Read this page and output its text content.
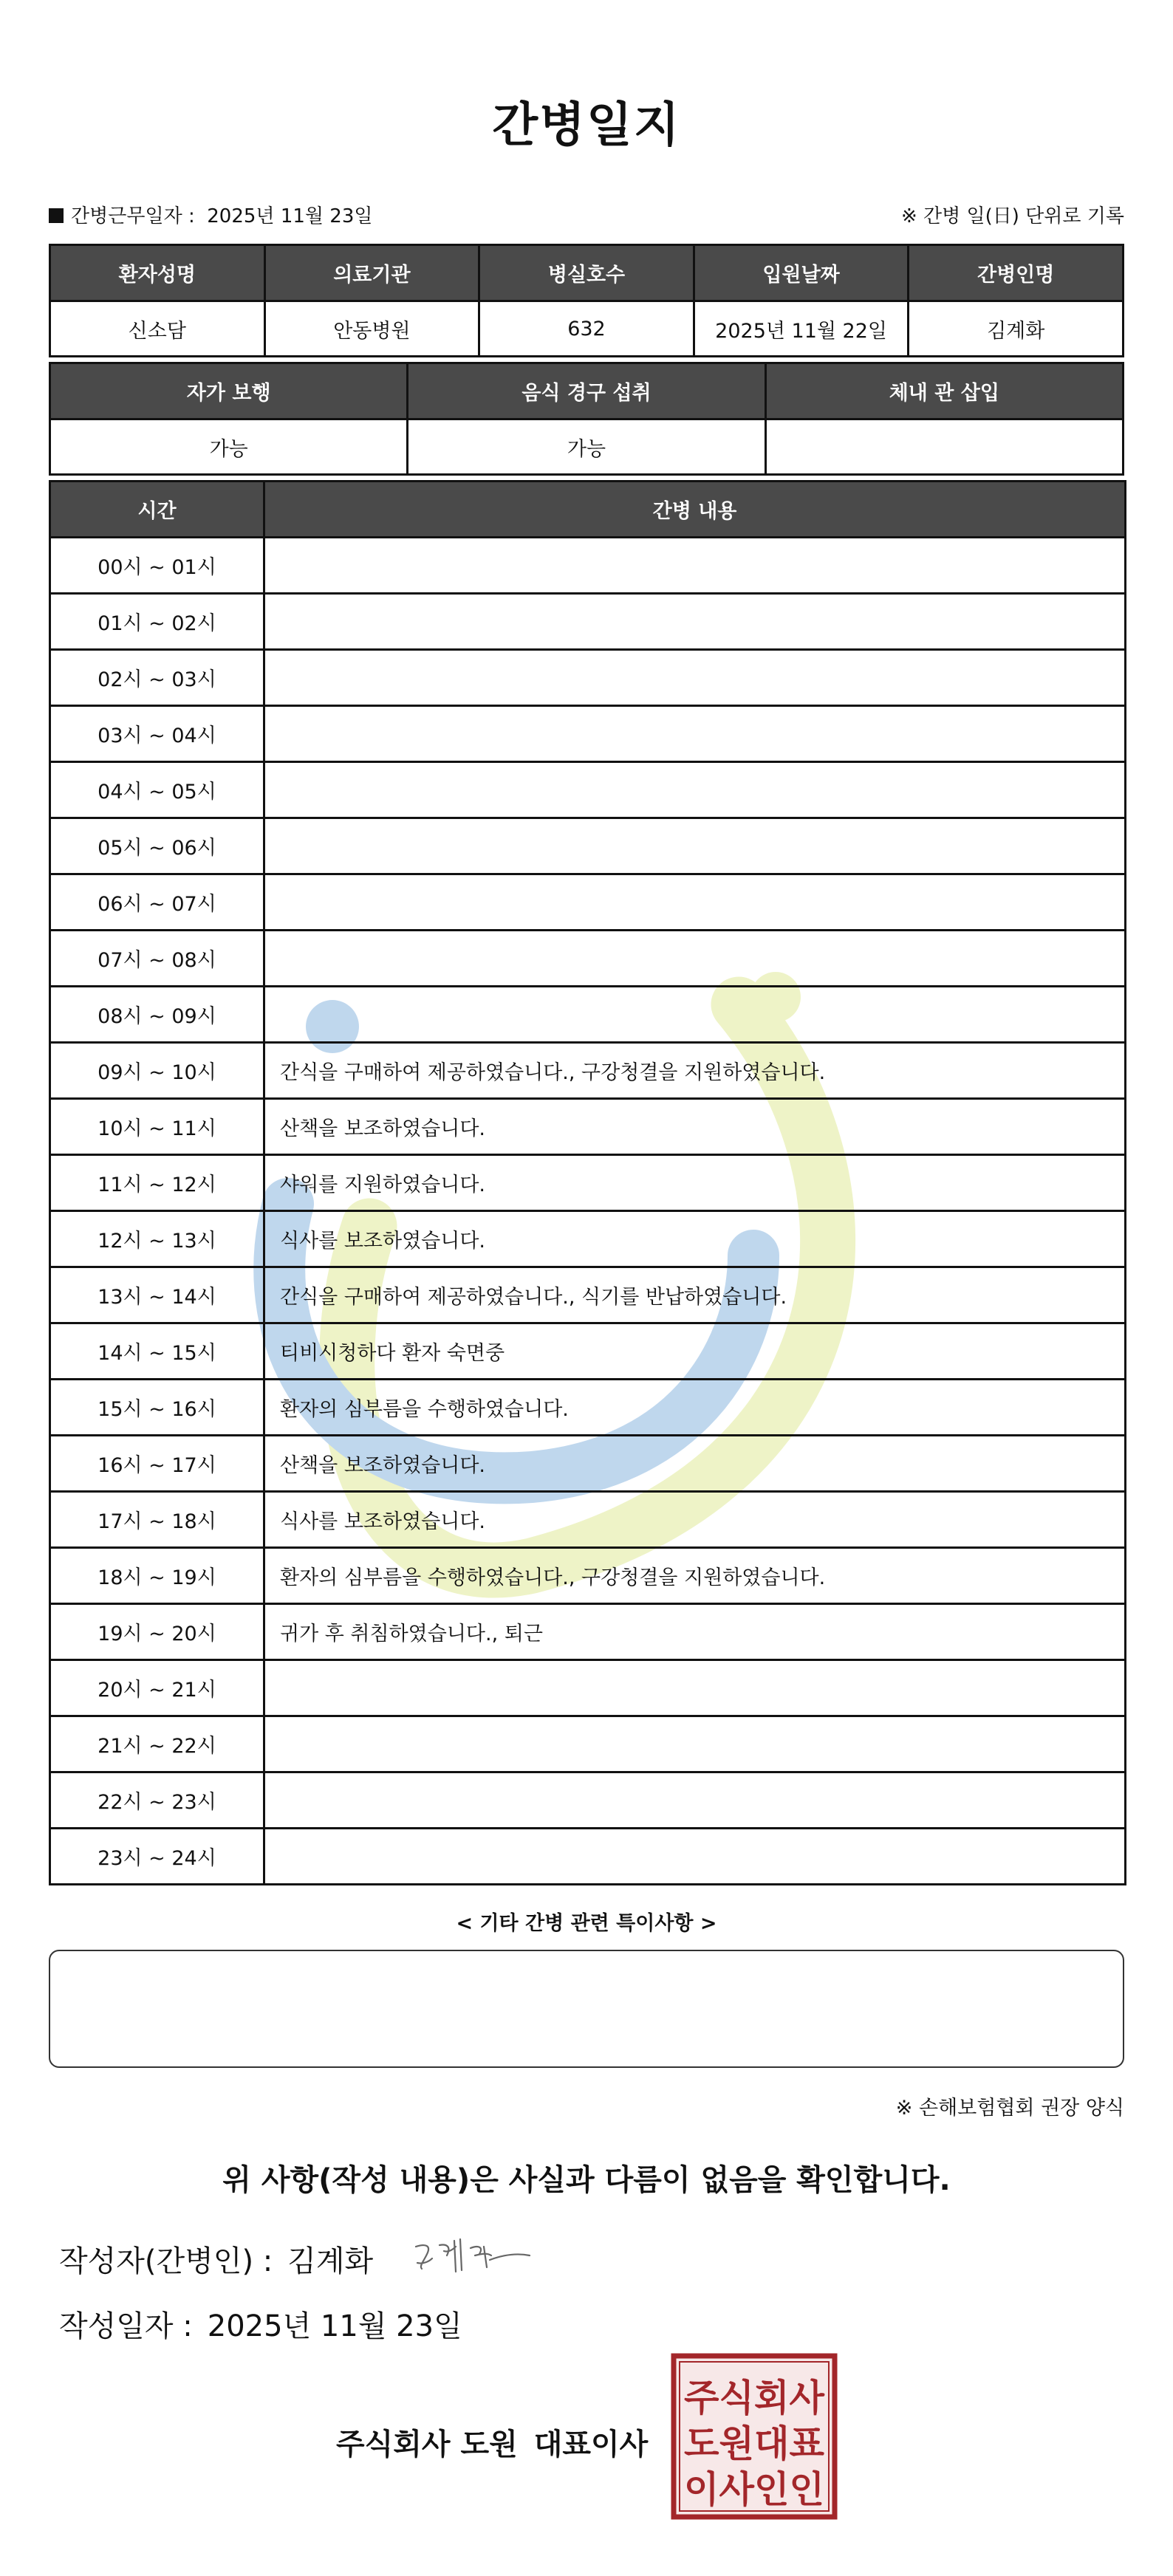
간병일지
간병근무일자 : 2025년 11월 23일	※ 간병 일(日) 단위로 기록
환자성명	의료기관	병실호수	입원날짜	간병인명
신소담	안동병원	632	2025년 11월 22일	김계화
자가 보행	음식 경구 섭취	체내 관 삽입
가능	가능	
시간	간병 내용
00시 ~ 01시	
01시 ~ 02시	
02시 ~ 03시	
03시 ~ 04시	
04시 ~ 05시	
05시 ~ 06시	
06시 ~ 07시	
07시 ~ 08시	
08시 ~ 09시	
09시 ~ 10시	간식을 구매하여 제공하였습니다., 구강청결을 지원하였습니다.
10시 ~ 11시	산책을 보조하였습니다.
11시 ~ 12시	샤워를 지원하였습니다.
12시 ~ 13시	식사를 보조하였습니다.
13시 ~ 14시	간식을 구매하여 제공하였습니다., 식기를 반납하였습니다.
14시 ~ 15시	티비시청하다 환자 숙면중
15시 ~ 16시	환자의 심부름을 수행하였습니다.
16시 ~ 17시	산책을 보조하였습니다.
17시 ~ 18시	식사를 보조하였습니다.
18시 ~ 19시	환자의 심부름을 수행하였습니다., 구강청결을 지원하였습니다.
19시 ~ 20시	귀가 후 취침하였습니다., 퇴근
20시 ~ 21시	
21시 ~ 22시	
22시 ~ 23시	
23시 ~ 24시	
< 기타 간병 관련 특이사항 >
※ 손해보험협회 권장 양식
위 사항(작성 내용)은 사실과 다름이 없음을 확인합니다.
작성자(간병인) : 김계화
작성일자 : 2025년 11월 23일
주식회사 도원 대표이사
주식회사
도원대표
이사인인
